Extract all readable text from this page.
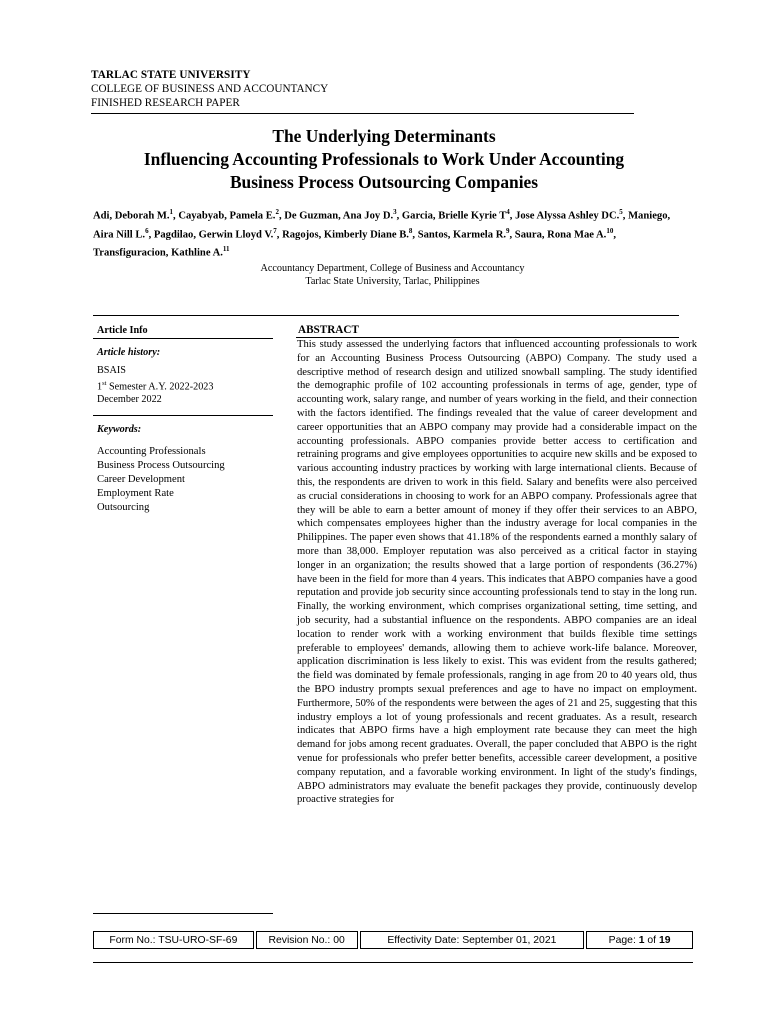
TARLAC STATE UNIVERSITY
COLLEGE OF BUSINESS AND ACCOUNTANCY
FINISHED RESEARCH PAPER
The Underlying Determinants
Influencing Accounting Professionals to Work Under Accounting
Business Process Outsourcing Companies
Adi, Deborah M.$^1$, Cayabyab, Pamela E.$^2$, De Guzman, Ana Joy D.$^3$, Garcia, Brielle Kyrie $T^4$, Jose Alyssa Ashley DC.$^5$, Maniego, Aira Nill L.$^6$, Pagdilao, Gerwin Lloyd V.$^7$, Ragojos, Kimberly Diane B.$^8$, Santos, Karmela R.$^9$, Saura, Rona Mae A.$^{10}$, Transfiguracion, Kathline A.$^{11}$
Accountancy Department, College of Business and Accountancy
Tarlac State University, Tarlac, Philippines
Article Info
Article history:
BSAIS
1st Semester A.Y. 2022-2023
December 2022
Keywords:
Accounting Professionals
Business Process Outsourcing
Career Development
Employment Rate
Outsourcing
ABSTRACT
This study assessed the underlying factors that influenced accounting professionals to work for an Accounting Business Process Outsourcing (ABPO) Company. The study used a descriptive method of research design and utilized snowball sampling. The study identified the demographic profile of 102 accounting professionals in terms of age, gender, type of accounting work, salary range, and number of years working in the field, and their connection with the factors identified. The findings revealed that the value of career development and career opportunities that an ABPO company may provide had a considerable impact on the accounting professionals. ABPO companies provide better access to certification and retraining programs and give employees opportunities to acquire new skills and be exposed to various accounting industry practices by working with large international clients. Because of this, the respondents are driven to work in this field. Salary and benefits were also perceived as crucial considerations in choosing to work for an ABPO company. Professionals agree that they will be able to earn a better amount of money if they offer their services to an ABPO, which compensates employees higher than the industry average for local companies in the Philippines. The paper even shows that 41.18% of the respondents earned a monthly salary of more than 38,000. Employer reputation was also perceived as a critical factor in staying longer in an organization; the results showed that a large portion of respondents (36.27%) have been in the field for more than 4 years. This indicates that ABPO companies have a good reputation and provide job security since accounting professionals tend to stay in the long run. Finally, the working environment, which comprises organizational setting, time setting, and job security, had a substantial influence on the respondents. ABPO companies are an ideal location to render work with a working environment that builds flexible time settings preferable to employees' demands, allowing them to achieve work-life balance. Moreover, application discrimination is less likely to exist. This was evident from the results gathered; the field was dominated by female professionals, ranging in age from 20 to 40 years old, thus the BPO industry prompts sexual preferences and age to have no impact on employment. Furthermore, 50% of the respondents were between the ages of 21 and 25, suggesting that this industry employs a lot of young professionals and recent graduates. As a result, research indicates that ABPO firms have a high employment rate because they can meet the high demand for jobs among recent graduates. Overall, the paper concluded that ABPO is the right venue for professionals who prefer better benefits, accessible career development, a positive company reputation, and a favorable working environment. In light of the study's findings, ABPO administrators may evaluate the benefit packages they provide, continuously develop proactive strategies for
Form No.: TSU-URO-SF-69	Revision No.: 00	Effectivity Date: September 01, 2021	Page: 1 of 19
